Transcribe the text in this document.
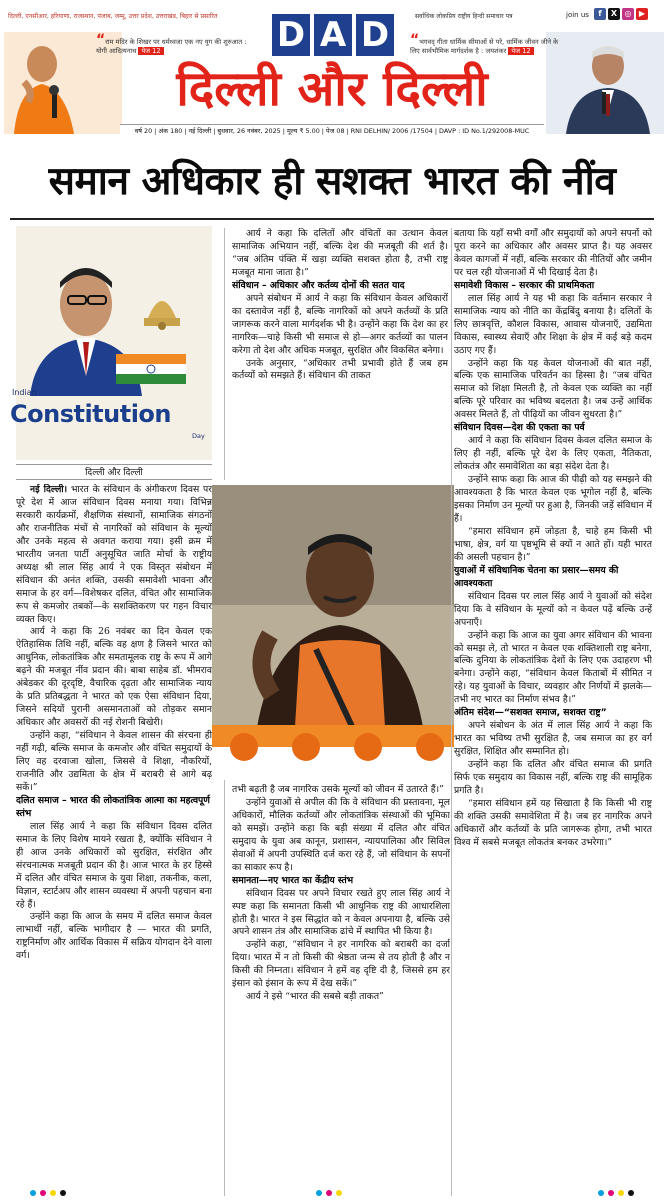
दिल्ली, एनसीआर, हरियाणा, राजस्थान, पंजाब, जम्मू, उत्तर प्रदेश, उत्तराखंड, बिहार से प्रसारित	सर्वाधिक लोकप्रिय राष्ट्रीय हिन्दी समाचार पत्र	join us	f	X ◎ ▶
D A D
“राम मंदिर के शिखर पर धर्मध्वजा एक नए युग की शुरुआत : योगी आदित्यनाथ पेज 12
“भगवद् गीता धार्मिक सीमाओं से परे, धार्मिक जीवन जीने के लिए सार्वभौमिक मार्गदर्शक है : जयशंकर पेज 12
दिल्ली और दिल्ली
वर्ष 20 | अंक 180 | नई दिल्ली | बुधवार, 26 नवंबर, 2025 | मूल्य ₹ 5.00 | पेज 08 | RNI DELHIN/ 2006 /17504 | DAVP : ID No.1/292008-MUC
समान अधिकार ही सशक्त भारत की नींव
Indian
Constitution
Day
दिल्ली और दिल्ली

नई दिल्ली। भारत के संविधान के अंगीकरण दिवस पर पूरे देश में आज संविधान दिवस मनाया गया। विभिन्न सरकारी कार्यक्रमों, शैक्षणिक संस्थानों, सामाजिक संगठनों और राजनीतिक मंचों से नागरिकों को संविधान के मूल्यों और उनके महत्व से अवगत कराया गया। इसी क्रम में भारतीय जनता पार्टी अनुसूचित जाति मोर्चा के राष्ट्रीय अध्यक्ष श्री लाल सिंह आर्य ने एक विस्तृत संबोधन में संविधान की अनंत शक्ति, उसकी समावेशी भावना और समाज के हर वर्ग—विशेषकर दलित, वंचित और सामाजिक रूप से कमजोर तबकों—के सशक्तिकरण पर गहन विचार व्यक्त किए।

आर्य ने कहा कि 26 नवंबर का दिन केवल एक ऐतिहासिक तिथि नहीं, बल्कि वह क्षण है जिसने भारत को आधुनिक, लोकतांत्रिक और समतामूलक राष्ट्र के रूप में आगे बढ़ने की मजबूत नींव प्रदान की। बाबा साहेब डॉ. भीमराव अंबेडकर की दूरदृष्टि, वैचारिक दृढ़ता और सामाजिक न्याय के प्रति प्रतिबद्धता ने भारत को एक ऐसा संविधान दिया, जिसने सदियों पुरानी असमानताओं को तोड़कर समान अधिकार और अवसरों की नई रोशनी बिखेरी।

उन्होंने कहा, “संविधान ने केवल शासन की संरचना ही नहीं गढ़ी, बल्कि समाज के कमजोर और वंचित समुदायों के लिए वह दरवाजा खोला, जिससे वे शिक्षा, नौकरियों, राजनीति और उद्यमिता के क्षेत्र में बराबरी से आगे बढ़ सकें।”

दलित समाज – भारत की लोकतांत्रिक आत्मा का महत्वपूर्ण स्तंभ

लाल सिंह आर्य ने कहा कि संविधान दिवस दलित समाज के लिए विशेष मायने रखता है, क्योंकि संविधान ने ही आज उनके अधिकारों को सुरक्षित, संरक्षित और संरचनात्मक मजबूती प्रदान की है। आज भारत के हर हिस्से में दलित और वंचित समाज के युवा शिक्षा, तकनीक, कला, विज्ञान, स्टार्टअप और शासन व्यवस्था में अपनी पहचान बना रहे हैं।

उन्होंने कहा कि आज के समय में दलित समाज केवल लाभार्थी नहीं, बल्कि भागीदार है — भारत की प्रगति, राष्ट्रनिर्माण और आर्थिक विकास में सक्रिय योगदान देने वाला वर्ग।

आर्य ने कहा कि दलितों और वंचितों का उत्थान केवल सामाजिक अभियान नहीं, बल्कि देश की मजबूती की शर्त है। “जब अंतिम पंक्ति में खड़ा व्यक्ति सशक्त होता है, तभी राष्ट्र मजबूत माना जाता है।”

संविधान – अधिकार और कर्तव्य दोनों की सतत याद

अपने संबोधन में आर्य ने कहा कि संविधान केवल अधिकारों का दस्तावेज नहीं है, बल्कि नागरिकों को अपने कर्तव्यों के प्रति जागरूक करने वाला मार्गदर्शक भी है। उन्होंने कहा कि देश का हर नागरिक—चाहे किसी भी समाज से हो—अगर कर्तव्यों का पालन करेगा तो देश और अधिक मजबूत, सुरक्षित और विकसित बनेगा।

उनके अनुसार, “अधिकार तभी प्रभावी होते हैं जब हम कर्तव्यों को समझते हैं। संविधान की ताकत

तभी बढ़ती है जब नागरिक उसके मूल्यों को जीवन में उतारते हैं।”

उन्होंने युवाओं से अपील की कि वे संविधान की प्रस्तावना, मूल अधिकारों, मौलिक कर्तव्यों और लोकतांत्रिक संस्थाओं की भूमिका को समझें। उन्होंने कहा कि बड़ी संख्या में दलित और वंचित समुदाय के युवा अब कानून, प्रशासन, न्यायपालिका और सिविल सेवाओं में अपनी उपस्थिति दर्ज करा रहे हैं, जो संविधान के सपनों का साकार रूप है।

समानता—नए भारत का केंद्रीय स्तंभ

संविधान दिवस पर अपने विचार रखते हुए लाल सिंह आर्य ने स्पष्ट कहा कि समानता किसी भी आधुनिक राष्ट्र की आधारशिला होती है। भारत ने इस सिद्धांत को न केवल अपनाया है, बल्कि उसे अपने शासन तंत्र और सामाजिक ढांचे में स्थापित भी किया है।

उन्होंने कहा, “संविधान ने हर नागरिक को बराबरी का दर्जा दिया। भारत में न तो किसी की श्रेष्ठता जन्म से तय होती है और न किसी की निम्नता। संविधान ने हमें वह दृष्टि दी है, जिससे हम हर इंसान को इंसान के रूप में देख सकें।”

आर्य ने इसे “भारत की सबसे बड़ी ताकत”

बताया कि यहाँ सभी वर्गों और समुदायों को अपने सपनों को पूरा करने का अधिकार और अवसर प्राप्त है। यह अवसर केवल कागजों में नहीं, बल्कि सरकार की नीतियों और जमीन पर चल रही योजनाओं में भी दिखाई देता है।

समावेशी विकास – सरकार की प्राथमिकता

लाल सिंह आर्य ने यह भी कहा कि वर्तमान सरकार ने सामाजिक न्याय को नीति का केंद्रबिंदु बनाया है। दलितों के लिए छात्रवृत्ति, कौशल विकास, आवास योजनाएँ, उद्यमिता विकास, स्वास्थ्य सेवाएँ और शिक्षा के क्षेत्र में कई बड़े कदम उठाए गए हैं।

उन्होंने कहा कि यह केवल योजनाओं की बात नहीं, बल्कि एक सामाजिक परिवर्तन का हिस्सा है। “जब वंचित समाज को शिक्षा मिलती है, तो केवल एक व्यक्ति का नहीं बल्कि पूरे परिवार का भविष्य बदलता है। जब उन्हें आर्थिक अवसर मिलते हैं, तो पीढ़ियों का जीवन सुधरता है।”

संविधान दिवस—देश की एकता का पर्व

आर्य ने कहा कि संविधान दिवस केवल दलित समाज के लिए ही नहीं, बल्कि पूरे देश के लिए एकता, नैतिकता, लोकतंत्र और समावेशिता का बड़ा संदेश देता है।

उन्होंने साफ कहा कि आज की पीढ़ी को यह समझने की आवश्यकता है कि भारत केवल एक भूगोल नहीं है, बल्कि इसका निर्माण उन मूल्यों पर हुआ है, जिनकी जड़ें संविधान में हैं।

“हमारा संविधान हमें जोड़ता है, चाहे हम किसी भी भाषा, क्षेत्र, वर्ग या पृष्ठभूमि से क्यों न आते हों। यही भारत की असली पहचान है।”

युवाओं में संविधानिक चेतना का प्रसार—समय की आवश्यकता

संविधान दिवस पर लाल सिंह आर्य ने युवाओं को संदेश दिया कि वे संविधान के मूल्यों को न केवल पढ़ें बल्कि उन्हें अपनाएँ।

उन्होंने कहा कि आज का युवा अगर संविधान की भावना को समझ ले, तो भारत न केवल एक शक्तिशाली राष्ट्र बनेगा, बल्कि दुनिया के लोकतांत्रिक देशों के लिए एक उदाहरण भी बनेगा। उन्होंने कहा, “संविधान केवल किताबों में सीमित न रहे। यह युवाओं के विचार, व्यवहार और निर्णयों में झलके—तभी नए भारत का निर्माण संभव है।”

अंतिम संदेश—“सशक्त समाज, सशक्त राष्ट्र”

अपने संबोधन के अंत में लाल सिंह आर्य ने कहा कि भारत का भविष्य तभी सुरक्षित है, जब समाज का हर वर्ग सुरक्षित, शिक्षित और सम्मानित हो।

उन्होंने कहा कि दलित और वंचित समाज की प्रगति सिर्फ एक समुदाय का विकास नहीं, बल्कि राष्ट्र की सामूहिक प्रगति है।

“हमारा संविधान हमें यह सिखाता है कि किसी भी राष्ट्र की शक्ति उसकी समावेशिता में है। जब हर नागरिक अपने अधिकारों और कर्तव्यों के प्रति जागरूक होगा, तभी भारत विश्व में सबसे मजबूत लोकतंत्र बनकर उभरेगा।”
